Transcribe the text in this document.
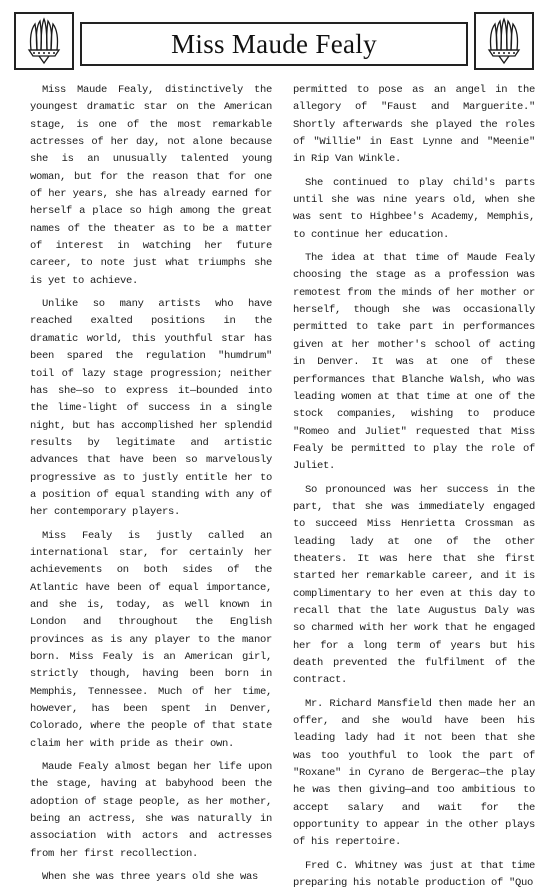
Miss Maude Fealy

Miss Maude Fealy, distinctively the youngest dramatic star on the American stage, is one of the most remarkable actresses of her day, not alone because she is an unusually talented young woman, but for the reason that for one of her years, she has already earned for herself a place so high among the great names of the theater as to be a matter of interest in watching her future career, to note just what triumphs she is yet to achieve.

Unlike so many artists who have reached exalted positions in the dramatic world, this youthful star has been spared the regulation "humdrum" toil of lazy stage progression; neither has she—so to express it—bounded into the lime-light of success in a single night, but has accomplished her splendid results by legitimate and artistic advances that have been so marvelously progressive as to justly entitle her to a position of equal standing with any of her contemporary players.

Miss Fealy is justly called an international star, for certainly her achievements on both sides of the Atlantic have been of equal importance, and she is, today, as well known in London and throughout the English provinces as is any player to the manor born. Miss Fealy is an American girl, strictly though, having been born in Memphis, Tennessee. Much of her time, however, has been spent in Denver, Colorado, where the people of that state claim her with pride as their own.

Maude Fealy almost began her life upon the stage, having at babyhood been the adoption of stage people, as her mother, being an actress, she was naturally in association with actors and actresses from her first recollection.

When she was three years old she was

permitted to pose as an angel in the allegory of "Faust and Marguerite." Shortly afterwards she played the roles of "Willie" in East Lynne and "Meenie" in Rip Van Winkle.

She continued to play child's parts until she was nine years old, when she was sent to Highbee's Academy, Memphis, to continue her education.

The idea at that time of Maude Fealy choosing the stage as a profession was remotest from the minds of her mother or herself, though she was occasionally permitted to take part in performances given at her mother's school of acting in Denver. It was at one of these performances that Blanche Walsh, who was leading women at that time at one of the stock companies, wishing to produce "Romeo and Juliet" requested that Miss Fealy be permitted to play the role of Juliet.

So pronounced was her success in the part, that she was immediately engaged to succeed Miss Henrietta Crossman as leading lady at one of the other theaters. It was here that she first started her remarkable career, and it is complimentary to her even at this day to recall that the late Augustus Daly was so charmed with her work that he engaged her for a long term of years but his death prevented the fulfilment of the contract.

Mr. Richard Mansfield then made her an offer, and she would have been his leading lady had it not been that she was too youthful to look the part of "Roxane" in Cyrano de Bergerac—the play he was then giving—and too ambitious to accept salary and wait for the opportunity to appear in the other plays of his repertoire.

Fred C. Whitney was just at that time preparing his notable production of "Quo
